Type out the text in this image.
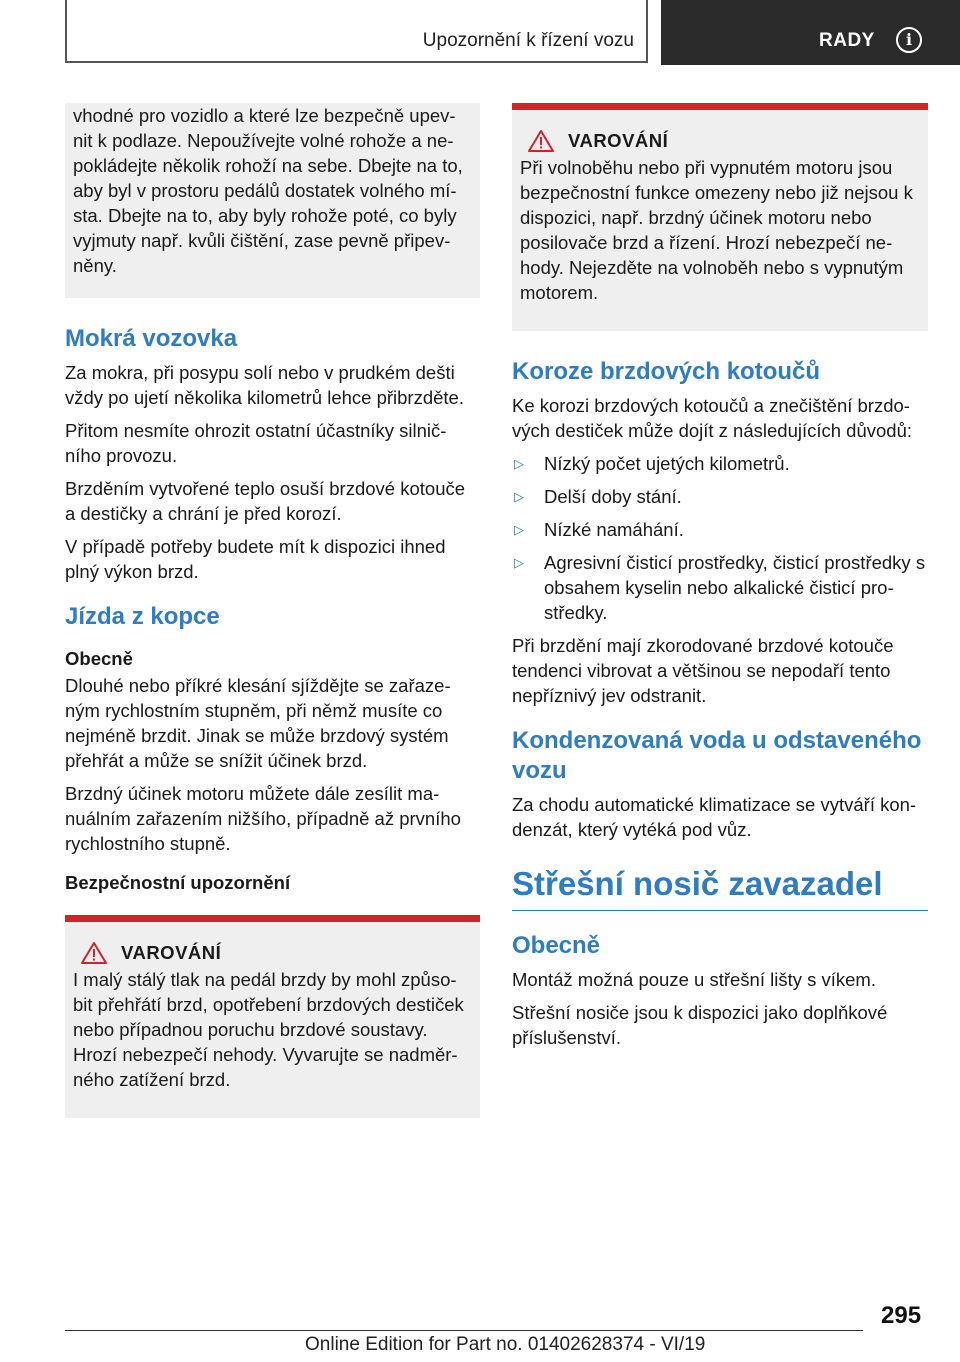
Upozornění k řízení vozu	RADY	i

vhodné pro vozidlo a které lze bezpečně upev-nit k podlaze. Nepoužívejte volné rohože a ne-pokládejte několik rohoží na sebe. Dbejte na to, aby byl v prostoru pedálů dostatek volného mí-sta. Dbejte na to, aby byly rohože poté, co byly vyjmuty např. kvůli čištění, zase pevně připev-něny.

Mokrá vozovka

Za mokra, při posypu solí nebo v prudkém dešti vždy po ujetí několika kilometrů lehce přibrzděte.

Přitom nesmíte ohrozit ostatní účastníky silnič-ního provozu.

Brzděním vytvořené teplo osuší brzdové kotouče a destičky a chrání je před korozí.

V případě potřeby budete mít k dispozici ihned plný výkon brzd.

Jízda z kopce
Obecně

Dlouhé nebo příkré klesání sjíždějte se zařaze-ným rychlostním stupněm, při němž musíte co nejméně brzdit. Jinak se může brzdový systém přehřát a může se snížit účinek brzd.

Brzdný účinek motoru můžete dále zesílit ma-nuálním zařazením nižšího, případně až prvního rychlostního stupně.

Bezpečnostní upozornění
VAROVÁNÍ

I malý stálý tlak na pedál brzdy by mohl způso-bit přehřátí brzd, opotřebení brzdových destiček nebo případnou poruchu brzdové soustavy. Hrozí nebezpečí nehody. Vyvarujte se nadměr-ného zatížení brzd.

VAROVÁNÍ

Při volnoběhu nebo při vypnutém motoru jsou bezpečnostní funkce omezeny nebo již nejsou k dispozici, např. brzdný účinek motoru nebo posilovače brzd a řízení. Hrozí nebezpečí ne-hody. Nejezděte na volnoběh nebo s vypnutým motorem.

Koroze brzdových kotoučů

Ke korozi brzdových kotoučů a znečištění brzdo-vých destiček může dojít z následujících důvodů:

▷	Nízký počet ujetých kilometrů.
▷	Delší doby stání.
▷	Nízké namáhání.
▷	Agresivní čisticí prostředky, čisticí prostředky s obsahem kyselin nebo alkalické čisticí pro-středky.

Při brzdění mají zkorodované brzdové kotouče tendenci vibrovat a většinou se nepodaří tento nepříznivý jev odstranit.

Kondenzovaná voda u odstaveného vozu

Za chodu automatické klimatizace se vytváří kon-denzát, který vytéká pod vůz.

Střešní nosič zavazadel
Obecně

Montáž možná pouze u střešní lišty s víkem.

Střešní nosiče jsou k dispozici jako doplňkové příslušenství.

295
Online Edition for Part no. 01402628374 - VI/19
